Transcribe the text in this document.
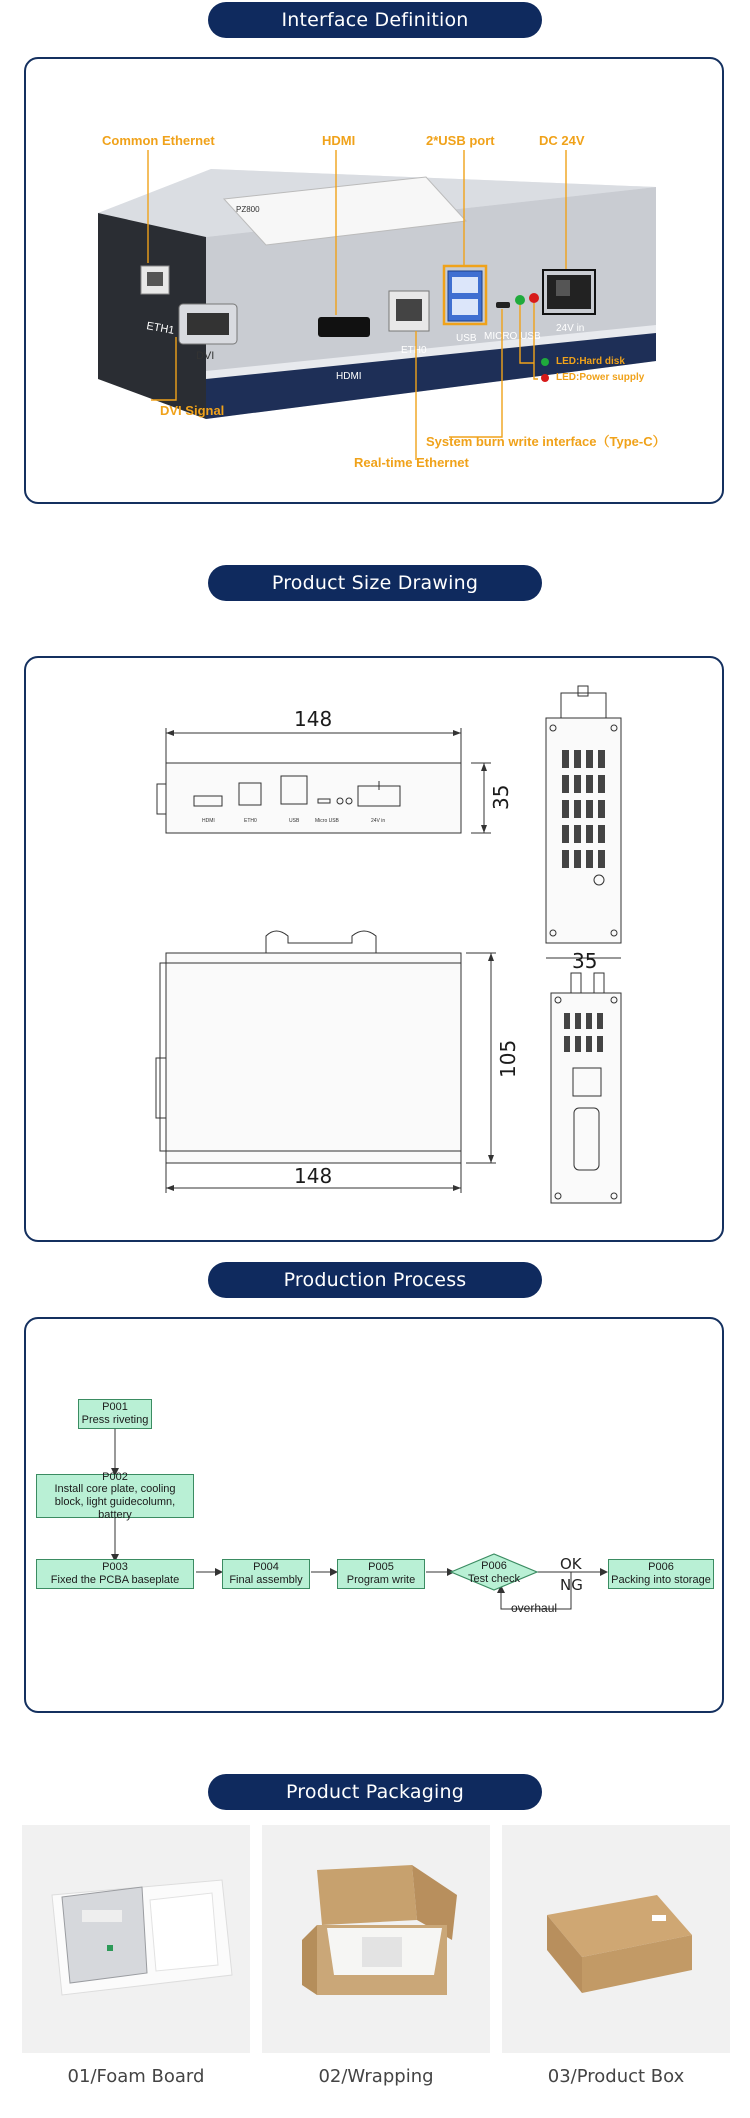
Interface Definition
ETH1
DVI
HDMI
ETH0
USB MICRO USB
24V in
PZ800
Common Ethernet	HDMI	2*USB port	DC 24V
DVI Signal
Real-time Ethernet
System burn write interface（Type-C）
LED:Hard disk
LED:Power supply
Product Size Drawing
148
35
105
148
35
HDMI	ETH0	USB	Micro USB	24V in
Production Process
P001
Press riveting
P002
Install core plate, cooling block, light guidecolumn, battery
P003
Fixed the PCBA baseplate
P004
Final assembly
P005
Program write
P006
Test check
P006
Packing into storage
OK
NG
overhaul
Product Packaging
01/Foam Board	02/Wrapping	03/Product Box
